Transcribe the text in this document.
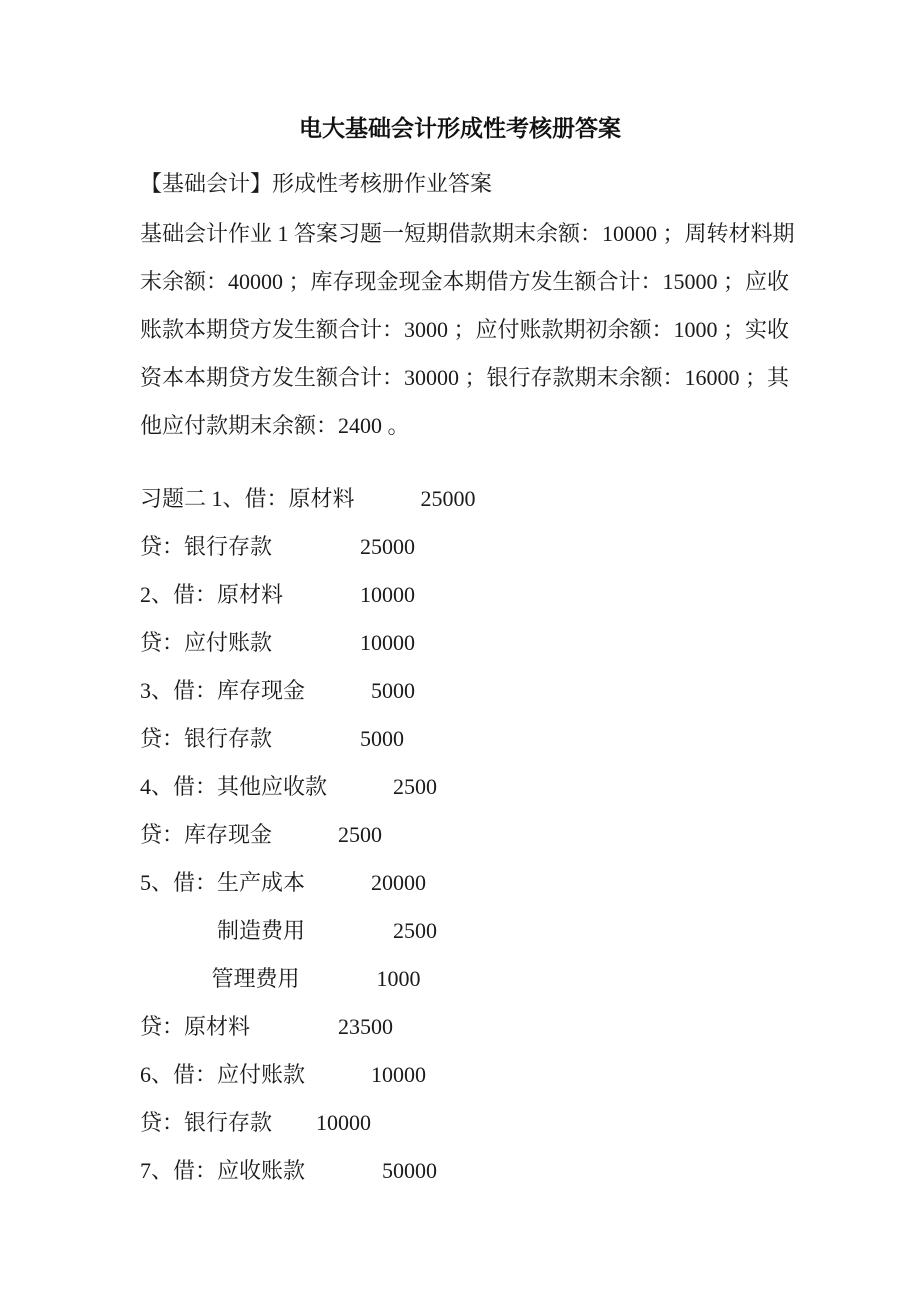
电大基础会计形成性考核册答案
【基础会计】形成性考核册作业答案
基础会计作业 1 答案习题一短期借款期末余额：10000 ；周转材料期
末余额：40000 ；库存现金现金本期借方发生额合计：15000 ；应收
账款本期贷方发生额合计：3000 ；应付账款期初余额：1000 ；实收
资本本期贷方发生额合计：30000 ；银行存款期末余额：16000 ；其
他应付款期末余额：2400 。
习题二 1、借：原材料　　　25000
贷：银行存款　　　　25000
2、借：原材料　　　  10000
贷：应付账款　　　　10000
3、借：库存现金　　　5000
贷：银行存款　　　　5000
4、借：其他应收款　　　2500
贷：库存现金　　　2500
5、借：生产成本　　　20000
　　　  制造费用　　　　2500
　　　 管理费用　　　  1000
贷：原材料　　　　23500
6、借：应付账款　　　10000
贷：银行存款　　10000
7、借：应收账款　　　  50000
